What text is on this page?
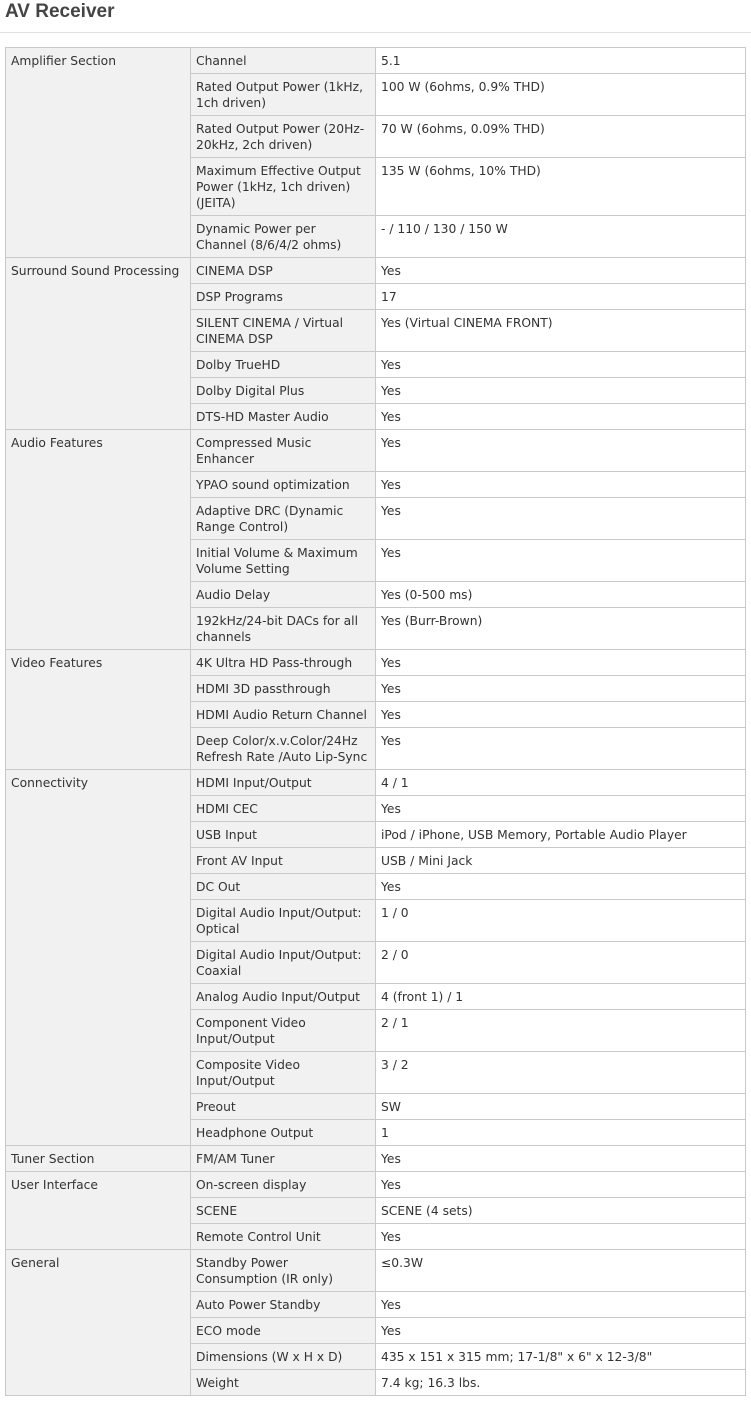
AV Receiver
Amplifier Section	Channel	5.1
	Rated Output Power (1kHz, 1ch driven)	100 W (6ohms, 0.9% THD)
	Rated Output Power (20Hz-20kHz, 2ch driven)	70 W (6ohms, 0.09% THD)
	Maximum Effective Output Power (1kHz, 1ch driven) (JEITA)	135 W (6ohms, 10% THD)
	Dynamic Power per Channel (8/6/4/2 ohms)	- / 110 / 130 / 150 W
Surround Sound Processing	CINEMA DSP	Yes
	DSP Programs	17
	SILENT CINEMA / Virtual CINEMA DSP	Yes (Virtual CINEMA FRONT)
	Dolby TrueHD	Yes
	Dolby Digital Plus	Yes
	DTS-HD Master Audio	Yes
Audio Features	Compressed Music Enhancer	Yes
	YPAO sound optimization	Yes
	Adaptive DRC (Dynamic Range Control)	Yes
	Initial Volume & Maximum Volume Setting	Yes
	Audio Delay	Yes (0-500 ms)
	192kHz/24-bit DACs for all channels	Yes (Burr-Brown)
Video Features	4K Ultra HD Pass-through	Yes
	HDMI 3D passthrough	Yes
	HDMI Audio Return Channel	Yes
	Deep Color/x.v.Color/24Hz Refresh Rate /Auto Lip-Sync	Yes
Connectivity	HDMI Input/Output	4 / 1
	HDMI CEC	Yes
	USB Input	iPod / iPhone, USB Memory, Portable Audio Player
	Front AV Input	USB / Mini Jack
	DC Out	Yes
	Digital Audio Input/Output: Optical	1 / 0
	Digital Audio Input/Output: Coaxial	2 / 0
	Analog Audio Input/Output	4 (front 1) / 1
	Component Video Input/Output	2 / 1
	Composite Video Input/Output	3 / 2
	Preout	SW
	Headphone Output	1
Tuner Section	FM/AM Tuner	Yes
User Interface	On-screen display	Yes
	SCENE	SCENE (4 sets)
	Remote Control Unit	Yes
General	Standby Power Consumption (IR only)	≤0.3W
	Auto Power Standby	Yes
	ECO mode	Yes
	Dimensions (W x H x D)	435 x 151 x 315 mm; 17-1/8" x 6" x 12-3/8"
	Weight	7.4 kg; 16.3 lbs.
